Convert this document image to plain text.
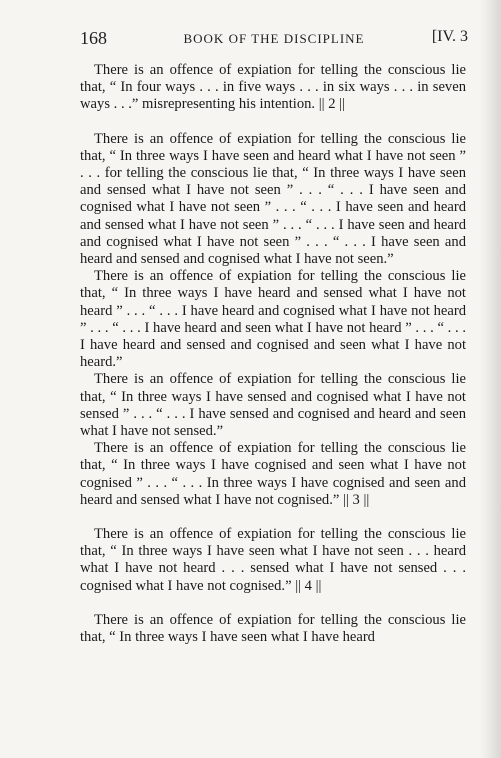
168	BOOK OF THE DISCIPLINE	[IV. 3

There is an offence of expiation for telling the conscious lie that, “ In four ways . . . in five ways . . . in six ways . . . in seven ways . . .” misrepresenting his intention. || 2 ||

There is an offence of expiation for telling the conscious lie that, “ In three ways I have seen and heard what I have not seen ” . . . for telling the conscious lie that, “ In three ways I have seen and sensed what I have not seen ” . . . “ . . . I have seen and cognised what I have not seen ” . . . “ . . . I have seen and heard and sensed what I have not seen ” . . . “ . . . I have seen and heard and cognised what I have not seen ” . . . “ . . . I have seen and heard and sensed and cognised what I have not seen.”

There is an offence of expiation for telling the conscious lie that, “ In three ways I have heard and sensed what I have not heard ” . . . “ . . . I have heard and cognised what I have not heard ” . . . “ . . . I have heard and seen what I have not heard ” . . . “ . . . I have heard and sensed and cognised and seen what I have not heard.”

There is an offence of expiation for telling the conscious lie that, “ In three ways I have sensed and cognised what I have not sensed ” . . . “ . . . I have sensed and cognised and heard and seen what I have not sensed.”

There is an offence of expiation for telling the conscious lie that, “ In three ways I have cognised and seen what I have not cognised ” . . . “ . . . In three ways I have cognised and seen and heard and sensed what I have not cognised.” || 3 ||

There is an offence of expiation for telling the conscious lie that, “ In three ways I have seen what I have not seen . . . heard what I have not heard . . . sensed what I have not sensed . . . cognised what I have not cognised.” || 4 ||

There is an offence of expiation for telling the conscious lie that, “ In three ways I have seen what I have heard
